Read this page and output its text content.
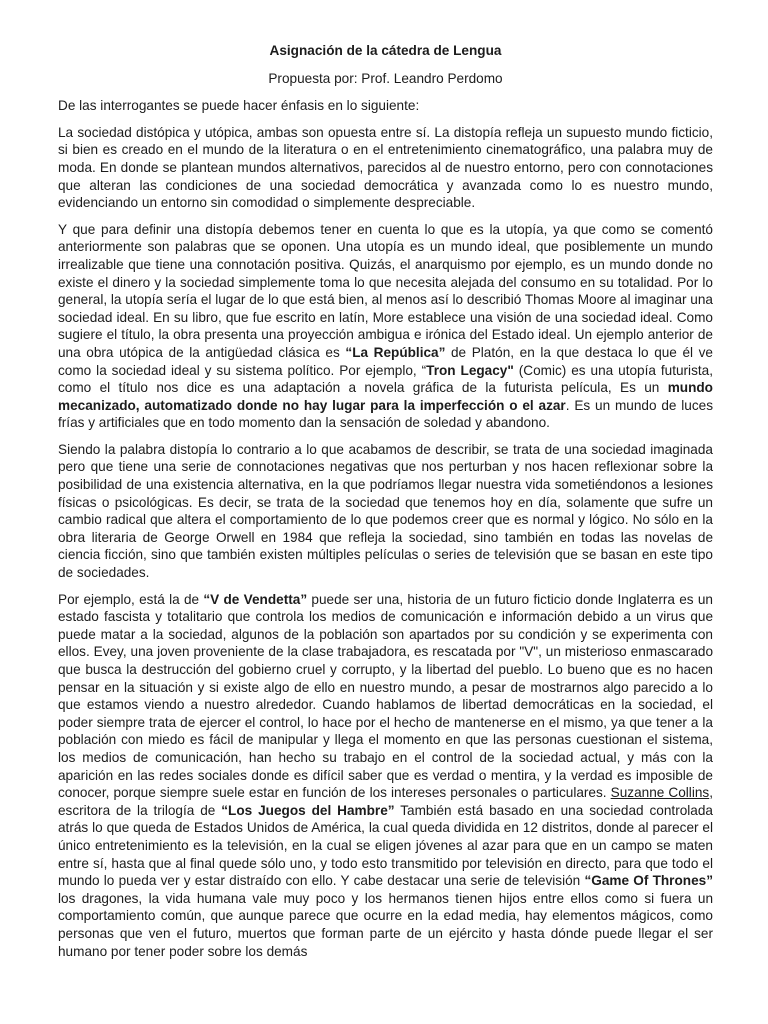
Asignación de la cátedra de Lengua
Propuesta por: Prof. Leandro Perdomo
De las interrogantes se puede hacer énfasis en lo siguiente:

La sociedad distópica y utópica, ambas son opuesta entre sí. La distopía refleja un supuesto mundo ficticio, si bien es creado en el mundo de la literatura o en el entretenimiento cinematográfico, una palabra muy de moda. En donde se plantean mundos alternativos, parecidos al de nuestro entorno, pero con connotaciones que alteran las condiciones de una sociedad democrática y avanzada como lo es nuestro mundo, evidenciando un entorno sin comodidad o simplemente despreciable.

Y que para definir una distopía debemos tener en cuenta lo que es la utopía, ya que como se comentó anteriormente son palabras que se oponen. Una utopía es un mundo ideal, que posiblemente un mundo irrealizable que tiene una connotación positiva. Quizás, el anarquismo por ejemplo, es un mundo donde no existe el dinero y la sociedad simplemente toma lo que necesita alejada del consumo en su totalidad. Por lo general, la utopía sería el lugar de lo que está bien, al menos así lo describió Thomas Moore al imaginar una sociedad ideal. En su libro, que fue escrito en latín, More establece una visión de una sociedad ideal. Como sugiere el título, la obra presenta una proyección ambigua e irónica del Estado ideal. Un ejemplo anterior de una obra utópica de la antigüedad clásica es “La República” de Platón, en la que destaca lo que él ve como la sociedad ideal y su sistema político. Por ejemplo, “Tron Legacy" (Comic) es una utopía futurista, como el título nos dice es una adaptación a novela gráfica de la futurista película, Es un mundo mecanizado, automatizado donde no hay lugar para la imperfección o el azar. Es un mundo de luces frías y artificiales que en todo momento dan la sensación de soledad y abandono.

Siendo la palabra distopía lo contrario a lo que acabamos de describir, se trata de una sociedad imaginada pero que tiene una serie de connotaciones negativas que nos perturban y nos hacen reflexionar sobre la posibilidad de una existencia alternativa, en la que podríamos llegar nuestra vida sometiéndonos a lesiones físicas o psicológicas. Es decir, se trata de la sociedad que tenemos hoy en día, solamente que sufre un cambio radical que altera el comportamiento de lo que podemos creer que es normal y lógico. No sólo en la obra literaria de George Orwell en 1984 que refleja la sociedad, sino también en todas las novelas de ciencia ficción, sino que también existen múltiples películas o series de televisión que se basan en este tipo de sociedades.

Por ejemplo, está la de “V de Vendetta” puede ser una, historia de un futuro ficticio donde Inglaterra es un estado fascista y totalitario que controla los medios de comunicación e información debido a un virus que puede matar a la sociedad, algunos de la población son apartados por su condición y se experimenta con ellos. Evey, una joven proveniente de la clase trabajadora, es rescatada por "V", un misterioso enmascarado que busca la destrucción del gobierno cruel y corrupto, y la libertad del pueblo. Lo bueno que es no hacen pensar en la situación y si existe algo de ello en nuestro mundo, a pesar de mostrarnos algo parecido a lo que estamos viendo a nuestro alrededor. Cuando hablamos de libertad democráticas en la sociedad, el poder siempre trata de ejercer el control, lo hace por el hecho de mantenerse en el mismo, ya que tener a la población con miedo es fácil de manipular y llega el momento en que las personas cuestionan el sistema, los medios de comunicación, han hecho su trabajo en el control de la sociedad actual, y más con la aparición en las redes sociales donde es difícil saber que es verdad o mentira, y la verdad es imposible de conocer, porque siempre suele estar en función de los intereses personales o particulares. Suzanne Collins, escritora de la trilogía de “Los Juegos del Hambre” También está basado en una sociedad controlada atrás lo que queda de Estados Unidos de América, la cual queda dividida en 12 distritos, donde al parecer el único entretenimiento es la televisión, en la cual se eligen jóvenes al azar para que en un campo se maten entre sí, hasta que al final quede sólo uno, y todo esto transmitido por televisión en directo, para que todo el mundo lo pueda ver y estar distraído con ello. Y cabe destacar una serie de televisión “Game Of Thrones” los dragones, la vida humana vale muy poco y los hermanos tienen hijos entre ellos como si fuera un comportamiento común, que aunque parece que ocurre en la edad media, hay elementos mágicos, como personas que ven el futuro, muertos que forman parte de un ejército y hasta dónde puede llegar el ser humano por tener poder sobre los demás
